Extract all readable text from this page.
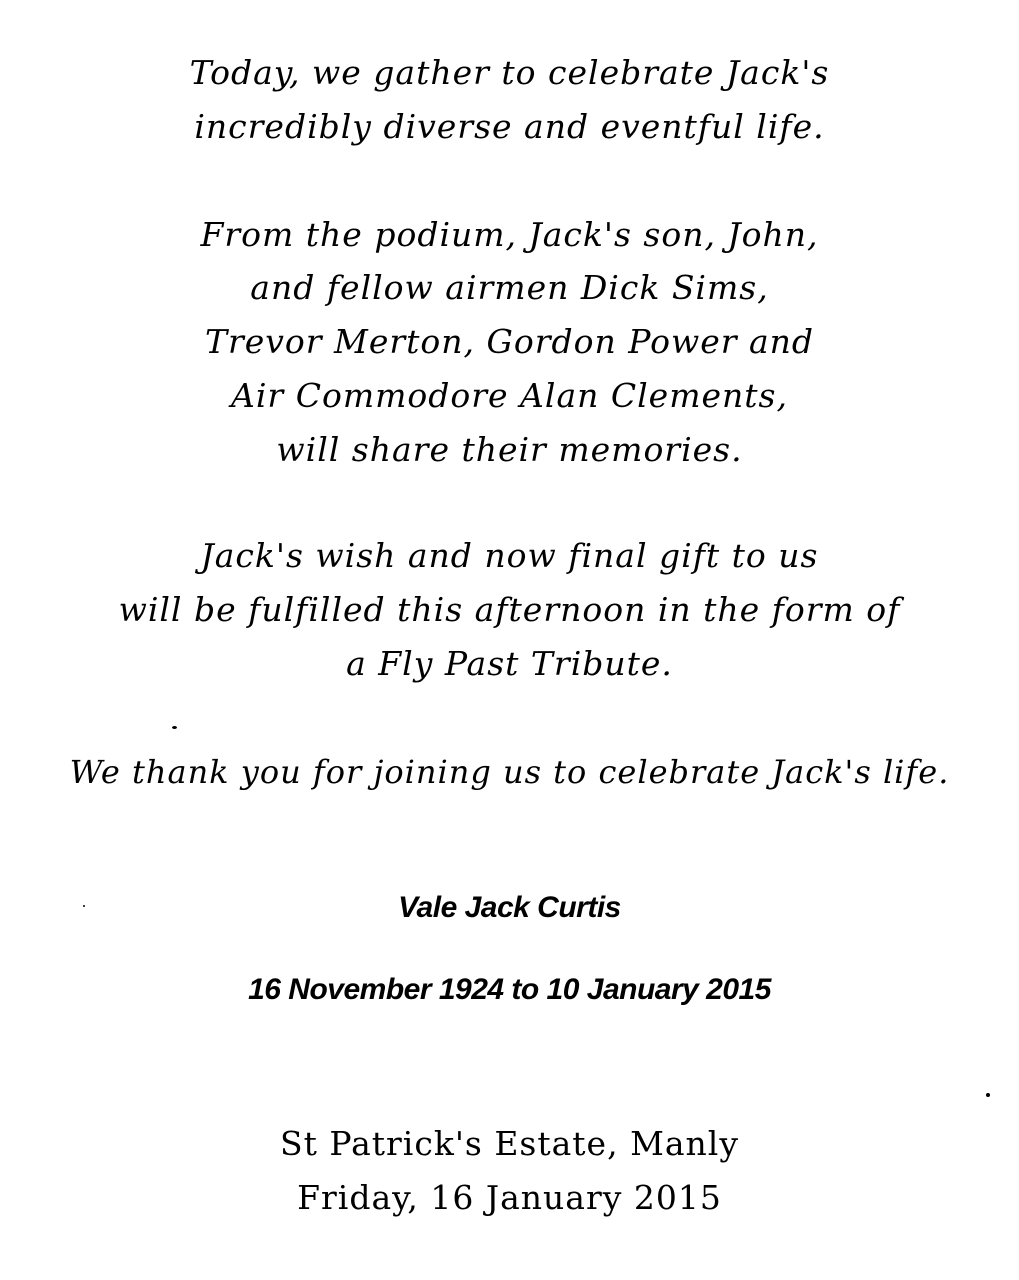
Today, we gather to celebrate Jack's
incredibly diverse and eventful life.
From the podium, Jack's son, John,
and fellow airmen Dick Sims,
Trevor Merton, Gordon Power and
Air Commodore Alan Clements,
will share their memories.
Jack's wish and now final gift to us
will be fulfilled this afternoon in the form of
a Fly Past Tribute.
We thank you for joining us to celebrate Jack's life.
Vale Jack Curtis
16 November 1924 to 10 January 2015
St Patrick's Estate, Manly
Friday, 16 January 2015
